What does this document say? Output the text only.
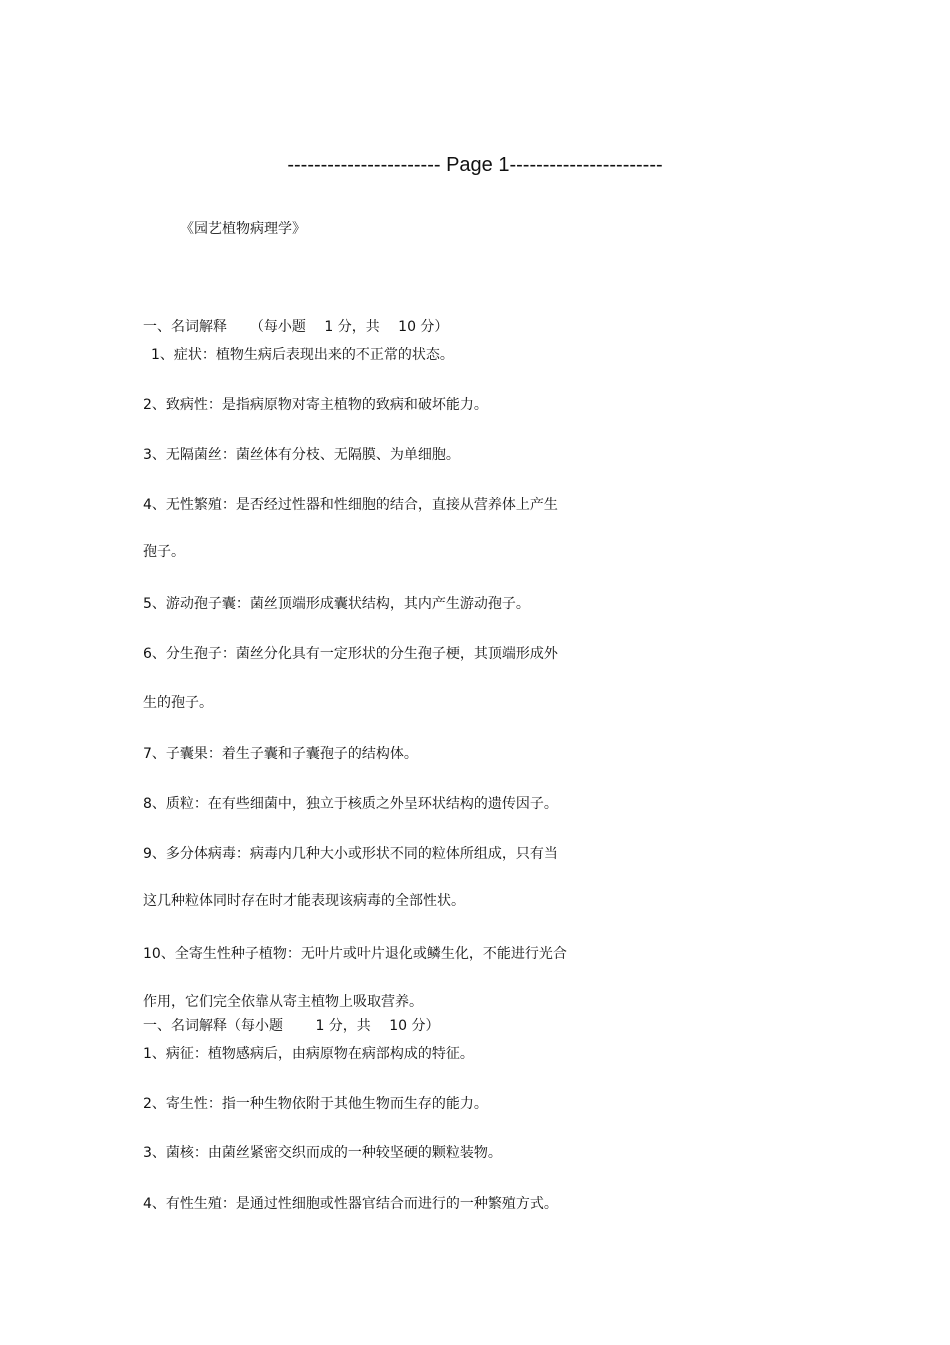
----------------------- Page 1-----------------------
《园艺植物病理学》
一、名词解释 　 （每小题 　1 分，共 　10 分）
1、症状：植物生病后表现出来的不正常的状态。
2、致病性：是指病原物对寄主植物的致病和破坏能力。
3、无隔菌丝：菌丝体有分枝、无隔膜、为单细胞。
4、无性繁殖：是否经过性器和性细胞的结合，直接从营养体上产生
孢子。
5、游动孢子囊：菌丝顶端形成囊状结构，其内产生游动孢子。
6、分生孢子：菌丝分化具有一定形状的分生孢子梗，其顶端形成外
生的孢子。
7、子囊果：着生子囊和子囊孢子的结构体。
8、质粒：在有些细菌中，独立于核质之外呈环状结构的遗传因子。
9、多分体病毒：病毒内几种大小或形状不同的粒体所组成，只有当
这几种粒体同时存在时才能表现该病毒的全部性状。
10、全寄生性种子植物：无叶片或叶片退化或鳞生化，不能进行光合
作用，它们完全依靠从寄主植物上吸取营养。
一、名词解释（每小题 　　1 分，共 　10 分）
1、病征：植物感病后，由病原物在病部构成的特征。
2、寄生性：指一种生物依附于其他生物而生存的能力。
3、菌核：由菌丝紧密交织而成的一种较坚硬的颗粒装物。
4、有性生殖：是通过性细胞或性器官结合而进行的一种繁殖方式。
